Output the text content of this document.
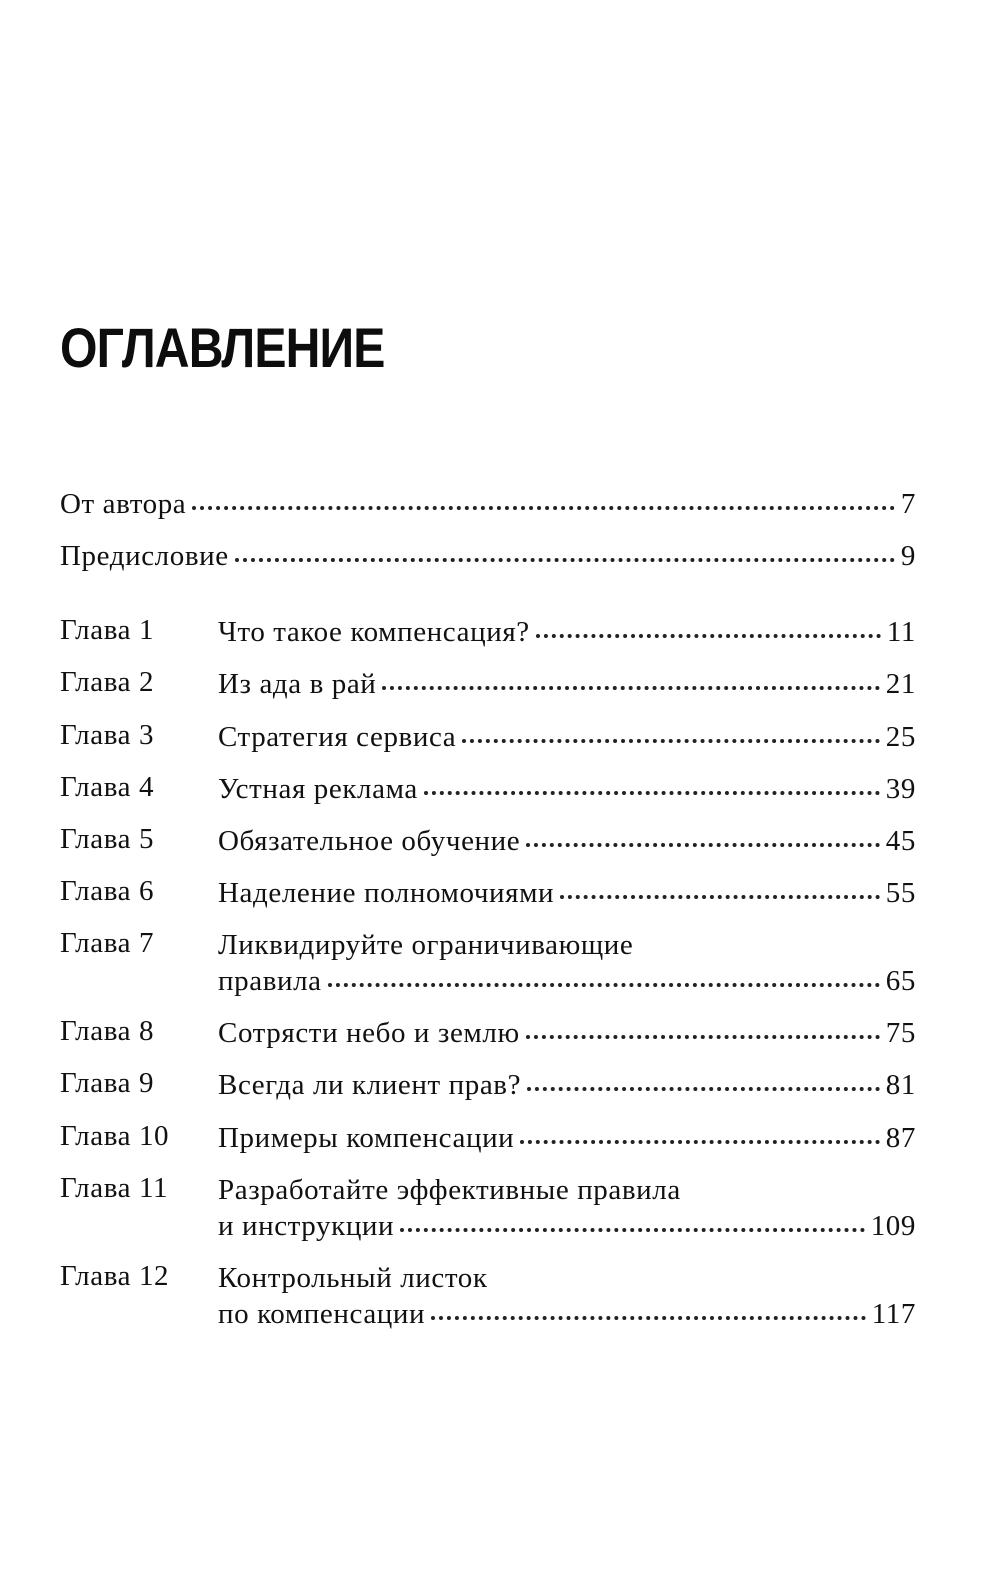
ОГЛАВЛЕНИЕ
От автора	7
Предисловие	9
Глава 1 Что такое компенсация?	11
Глава 2 Из ада в рай	21
Глава 3 Стратегия сервиса	25
Глава 4 Устная реклама	39
Глава 5 Обязательное обучение	45
Глава 6 Наделение полномочиями	55
Глава 7 Ликвидируйте ограничивающие
правила	65
Глава 8 Сотрясти небо и землю	75
Глава 9 Всегда ли клиент прав?	81
Глава 10 Примеры компенсации	87
Глава 11 Разработайте эффективные правила
и инструкции	109
Глава 12 Контрольный листок
по компенсации	117
